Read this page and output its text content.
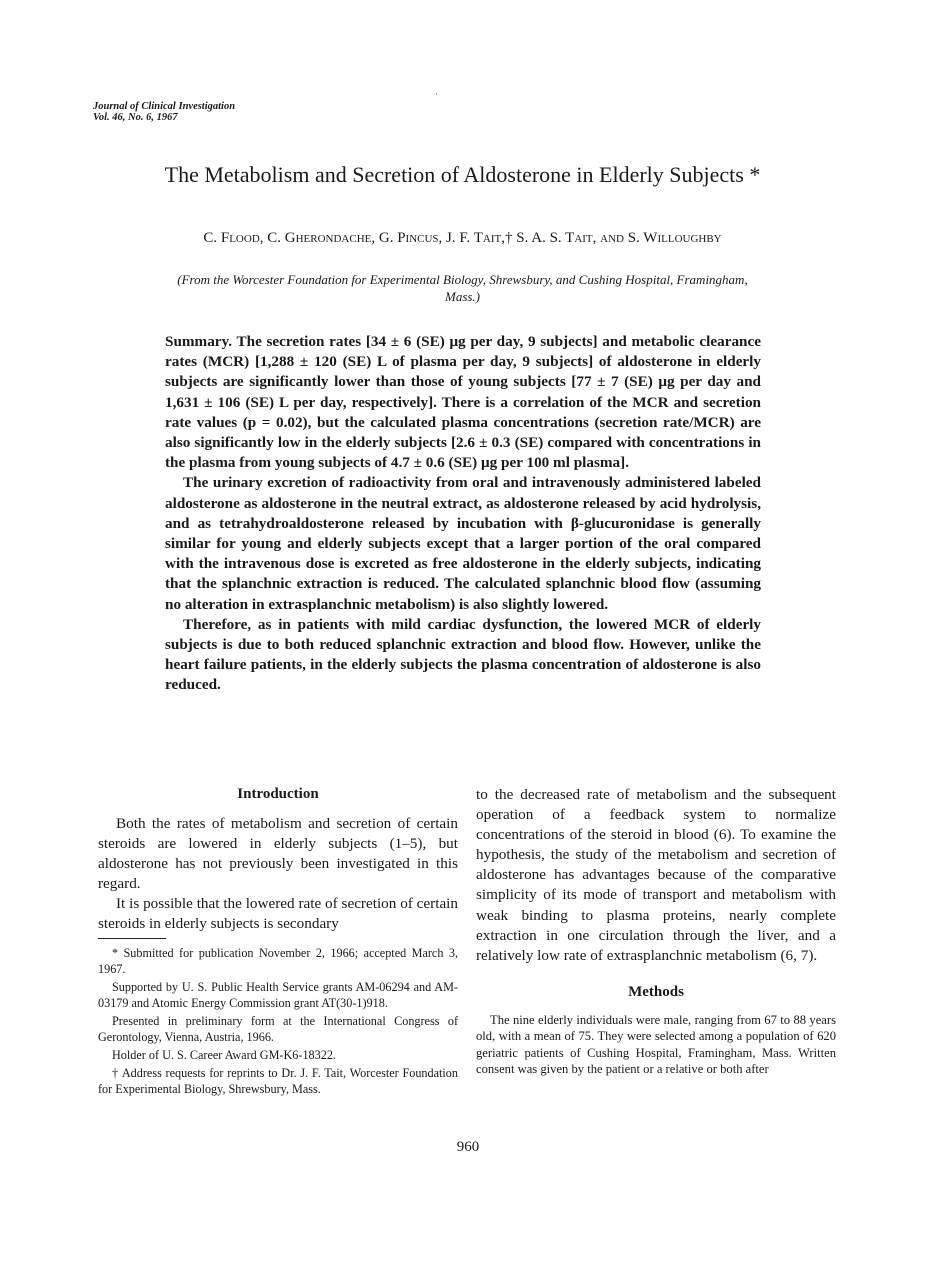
Journal of Clinical Investigation
Vol. 46, No. 6, 1967
The Metabolism and Secretion of Aldosterone in Elderly Subjects *
C. Flood, C. Gherondache, G. Pincus, J. F. Tait,† S. A. S. Tait, and S. Willoughby
(From the Worcester Foundation for Experimental Biology, Shrewsbury, and Cushing Hospital, Framingham, Mass.)

Summary. The secretion rates [34 ± 6 (SE) μg per day, 9 subjects] and metabolic clearance rates (MCR) [1,288 ± 120 (SE) L of plasma per day, 9 subjects] of aldosterone in elderly subjects are significantly lower than those of young subjects [77 ± 7 (SE) μg per day and 1,631 ± 106 (SE) L per day, respectively]. There is a correlation of the MCR and secretion rate values (p = 0.02), but the calculated plasma concentrations (secretion rate/MCR) are also significantly low in the elderly subjects [2.6 ± 0.3 (SE) compared with concentrations in the plasma from young subjects of 4.7 ± 0.6 (SE) μg per 100 ml plasma].

The urinary excretion of radioactivity from oral and intravenously administered labeled aldosterone as aldosterone in the neutral extract, as aldosterone released by acid hydrolysis, and as tetrahydroaldosterone released by incubation with β-glucuronidase is generally similar for young and elderly subjects except that a larger portion of the oral compared with the intravenous dose is excreted as free aldosterone in the elderly subjects, indicating that the splanchnic extraction is reduced. The calculated splanchnic blood flow (assuming no alteration in extrasplanchnic metabolism) is also slightly lowered.

Therefore, as in patients with mild cardiac dysfunction, the lowered MCR of elderly subjects is due to both reduced splanchnic extraction and blood flow. However, unlike the heart failure patients, in the elderly subjects the plasma concentration of aldosterone is also reduced.

Introduction

Both the rates of metabolism and secretion of certain steroids are lowered in elderly subjects (1–5), but aldosterone has not previously been investigated in this regard.

It is possible that the lowered rate of secretion of certain steroids in elderly subjects is secondary

* Submitted for publication November 2, 1966; accepted March 3, 1967.

Supported by U. S. Public Health Service grants AM-06294 and AM-03179 and Atomic Energy Commission grant AT(30-1)918.

Presented in preliminary form at the International Congress of Gerontology, Vienna, Austria, 1966.

Holder of U. S. Career Award GM-K6-18322.

† Address requests for reprints to Dr. J. F. Tait, Worcester Foundation for Experimental Biology, Shrewsbury, Mass.

to the decreased rate of metabolism and the subsequent operation of a feedback system to normalize concentrations of the steroid in blood (6). To examine the hypothesis, the study of the metabolism and secretion of aldosterone has advantages because of the comparative simplicity of its mode of transport and metabolism with weak binding to plasma proteins, nearly complete extraction in one circulation through the liver, and a relatively low rate of extrasplanchnic metabolism (6, 7).

Methods

The nine elderly individuals were male, ranging from 67 to 88 years old, with a mean of 75. They were selected among a population of 620 geriatric patients of Cushing Hospital, Framingham, Mass. Written consent was given by the patient or a relative or both after

960
